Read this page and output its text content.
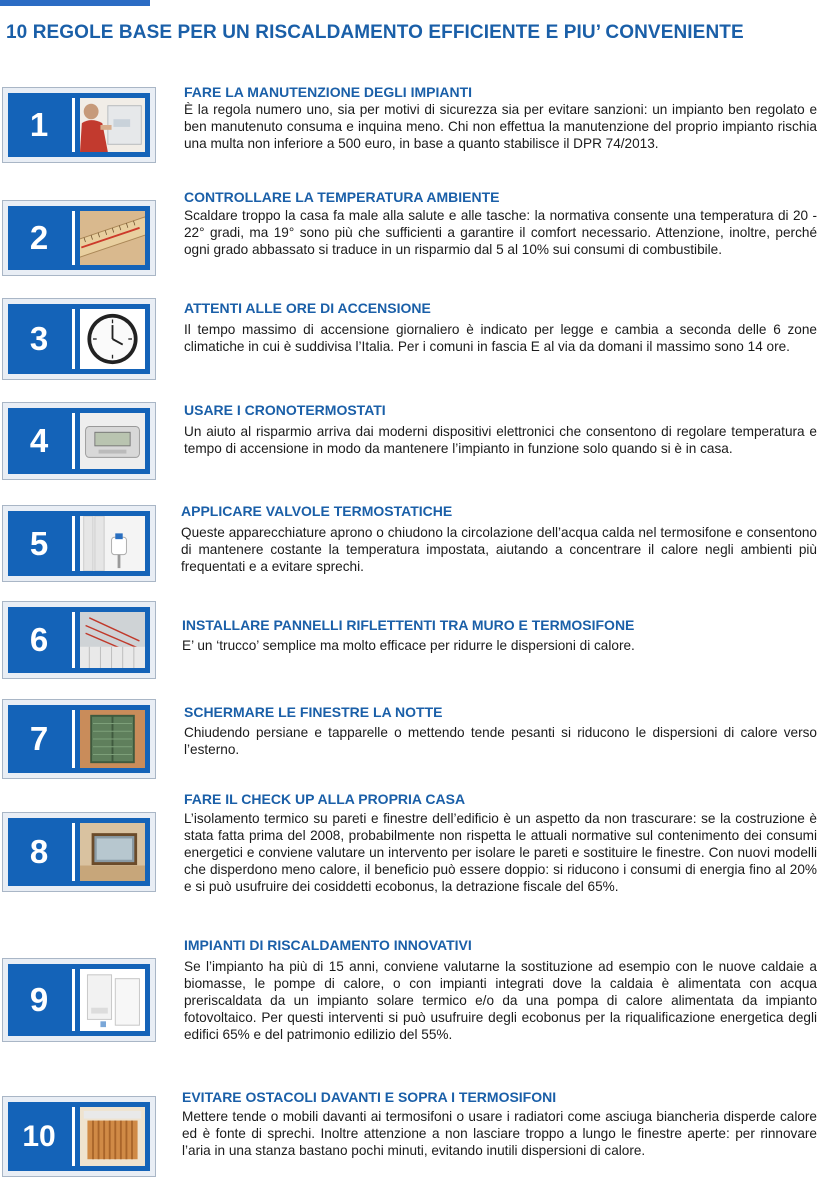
10 REGOLE BASE PER UN RISCALDAMENTO EFFICIENTE E PIU’ CONVENIENTE
1
FARE LA MANUTENZIONE DEGLI IMPIANTI

È la regola numero uno, sia per motivi di sicurezza sia per evitare sanzioni: un impianto ben regolato e ben manutenuto consuma e inquina meno. Chi non effettua la manutenzione del proprio impianto rischia una multa non inferiore a 500 euro, in base a quanto stabilisce il DPR 74/2013.

2
CONTROLLARE LA TEMPERATURA AMBIENTE

Scaldare troppo la casa fa male alla salute e alle tasche: la normativa consente una temperatura di 20 - 22° gradi, ma 19° sono più che sufficienti a garantire il comfort necessario. Attenzione, inoltre, perché ogni grado abbassato si traduce in un risparmio dal 5 al 10% sui consumi di combustibile.

3
ATTENTI ALLE ORE DI ACCENSIONE

Il tempo massimo di accensione giornaliero è indicato per legge e cambia a seconda delle 6 zone climatiche in cui è suddivisa l’Italia. Per i comuni in fascia E al via da domani il massimo sono 14 ore.

4
USARE I CRONOTERMOSTATI

Un aiuto al risparmio arriva dai moderni dispositivi elettronici che consentono di regolare temperatura e tempo di accensione in modo da mantenere l’impianto in funzione solo quando si è in casa.

5
APPLICARE VALVOLE TERMOSTATICHE

Queste apparecchiature aprono o chiudono la circolazione dell’acqua calda nel termosifone e consentono di mantenere costante la temperatura impostata, aiutando a concentrare il calore negli ambienti più frequentati e a evitare sprechi.

6	INSTALLARE PANNELLI RIFLETTENTI TRA MURO E TERMOSIFONE

E’ un ‘trucco’ semplice ma molto efficace per ridurre le dispersioni di calore.

7
SCHERMARE LE FINESTRE LA NOTTE

Chiudendo persiane e tapparelle o mettendo tende pesanti si riducono le dispersioni di calore verso l’esterno.

8
FARE IL CHECK UP ALLA PROPRIA CASA

L’isolamento termico su pareti e finestre dell’edificio è un aspetto da non trascurare: se la costruzione è stata fatta prima del 2008, probabilmente non rispetta le attuali normative sul contenimento dei consumi energetici e conviene valutare un intervento per isolare le pareti e sostituire le finestre. Con nuovi modelli che disperdono meno calore, il beneficio può essere doppio: si riducono i consumi di energia fino al 20% e si può usufruire dei cosiddetti ecobonus, la detrazione fiscale del 65%.

9
IMPIANTI DI RISCALDAMENTO INNOVATIVI

Se l’impianto ha più di 15 anni, conviene valutarne la sostituzione ad esempio con le nuove caldaie a biomasse, le pompe di calore, o con impianti integrati dove la caldaia è alimentata con acqua preriscaldata da un impianto solare termico e/o da una pompa di calore alimentata da impianto fotovoltaico. Per questi interventi si può usufruire degli ecobonus per la riqualificazione energetica degli edifici 65% e del patrimonio edilizio del 55%.

10
EVITARE OSTACOLI DAVANTI E SOPRA I TERMOSIFONI

Mettere tende o mobili davanti ai termosifoni o usare i radiatori come asciuga biancheria disperde calore ed è fonte di sprechi. Inoltre attenzione a non lasciare troppo a lungo le finestre aperte: per rinnovare l’aria in una stanza bastano pochi minuti, evitando inutili dispersioni di calore.
